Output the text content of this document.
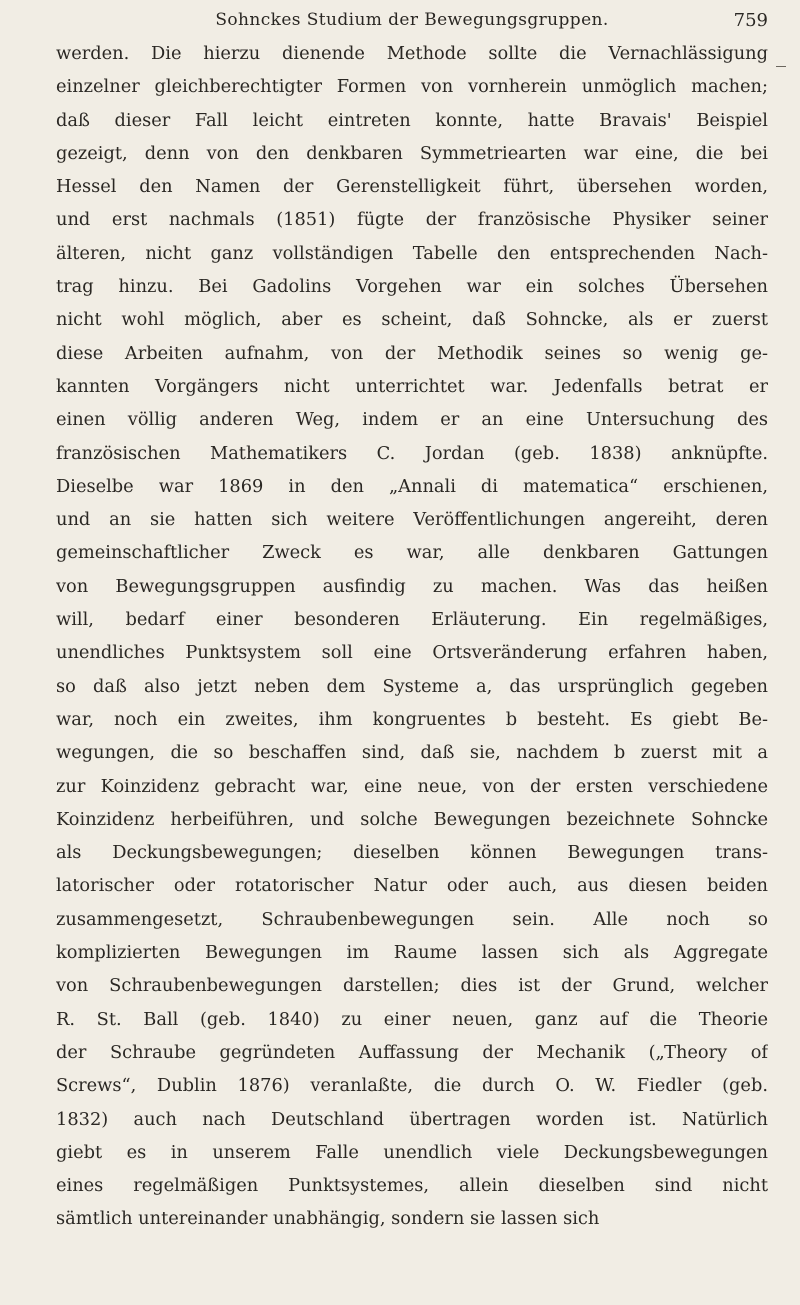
Sohnckes Studium der Bewegungsgruppen.	759
werden. Die hierzu dienende Methode sollte die Vernachlässigung
einzelner gleichberechtigter Formen von vornherein unmöglich machen;
daß dieser Fall leicht eintreten konnte, hatte Bravais' Beispiel
gezeigt, denn von den denkbaren Symmetriearten war eine, die bei
Hessel den Namen der Gerenstelligkeit führt, übersehen worden,
und erst nachmals (1851) fügte der französische Physiker seiner
älteren, nicht ganz vollständigen Tabelle den entsprechenden Nach-
trag hinzu. Bei Gadolins Vorgehen war ein solches Übersehen
nicht wohl möglich, aber es scheint, daß Sohncke, als er zuerst
diese Arbeiten aufnahm, von der Methodik seines so wenig ge-
kannten Vorgängers nicht unterrichtet war. Jedenfalls betrat er
einen völlig anderen Weg, indem er an eine Untersuchung des
französischen Mathematikers C. Jordan (geb. 1838) anknüpfte.
Dieselbe war 1869 in den „Annali di matematica“ erschienen,
und an sie hatten sich weitere Veröffentlichungen angereiht, deren
gemeinschaftlicher Zweck es war, alle denkbaren Gattungen
von Bewegungsgruppen ausfindig zu machen. Was das heißen
will, bedarf einer besonderen Erläuterung. Ein regelmäßiges,
unendliches Punktsystem soll eine Ortsveränderung erfahren haben,
so daß also jetzt neben dem Systeme a, das ursprünglich gegeben
war, noch ein zweites, ihm kongruentes b besteht. Es giebt Be-
wegungen, die so beschaffen sind, daß sie, nachdem b zuerst mit a
zur Koinzidenz gebracht war, eine neue, von der ersten verschiedene
Koinzidenz herbeiführen, und solche Bewegungen bezeichnete Sohncke
als Deckungsbewegungen; dieselben können Bewegungen trans-
latorischer oder rotatorischer Natur oder auch, aus diesen beiden
zusammengesetzt, Schraubenbewegungen sein. Alle noch so
komplizierten Bewegungen im Raume lassen sich als Aggregate
von Schraubenbewegungen darstellen; dies ist der Grund, welcher
R. St. Ball (geb. 1840) zu einer neuen, ganz auf die Theorie
der Schraube gegründeten Auffassung der Mechanik („Theory of
Screws“, Dublin 1876) veranlaßte, die durch O. W. Fiedler (geb.
1832) auch nach Deutschland übertragen worden ist. Natürlich
giebt es in unserem Falle unendlich viele Deckungsbewegungen
eines regelmäßigen Punktsystemes, allein dieselben sind nicht
sämtlich untereinander unabhängig, sondern sie lassen sich
